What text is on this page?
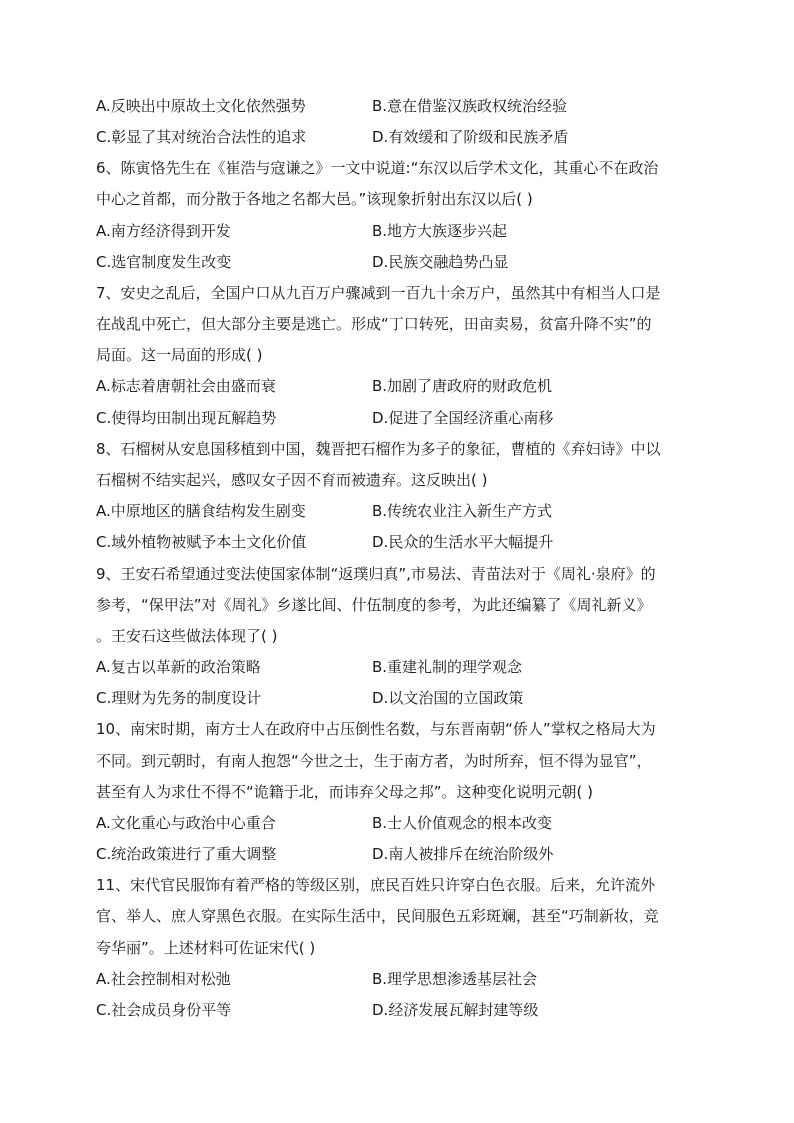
A.反映出中原故土文化依然强势	B.意在借鉴汉族政权统治经验
C.彰显了其对统治合法性的追求	D.有效缓和了阶级和民族矛盾
6、陈寅恪先生在《崔浩与寇谦之》一文中说道:“东汉以后学术文化，其重心不在政治
中心之首都，而分散于各地之名都大邑。”该现象折射出东汉以后( )
A.南方经济得到开发	B.地方大族逐步兴起
C.选官制度发生改变	D.民族交融趋势凸显
7、安史之乱后，全国户口从九百万户骤减到一百九十余万户，虽然其中有相当人口是
在战乱中死亡，但大部分主要是逃亡。形成“丁口转死，田亩卖易，贫富升降不实”的
局面。这一局面的形成( )
A.标志着唐朝社会由盛而衰	B.加剧了唐政府的财政危机
C.使得均田制出现瓦解趋势	D.促进了全国经济重心南移
8、石榴树从安息国移植到中国，魏晋把石榴作为多子的象征，曹植的《弃妇诗》中以
石榴树不结实起兴，感叹女子因不育而被遗弃。这反映出( )
A.中原地区的膳食结构发生剧变	B.传统农业注入新生产方式
C.域外植物被赋予本土文化价值	D.民众的生活水平大幅提升
9、王安石希望通过变法使国家体制“返璞归真”,市易法、青苗法对于《周礼·泉府》的
参考，“保甲法”对《周礼》乡遂比闾、什伍制度的参考，为此还编纂了《周礼新义》
。王安石这些做法体现了( )
A.复古以革新的政治策略	B.重建礼制的理学观念
C.理财为先务的制度设计	D.以文治国的立国政策
10、南宋时期，南方士人在政府中占压倒性名数，与东晋南朝“侨人”掌权之格局大为
不同。到元朝时，有南人抱怨“今世之士，生于南方者，为时所弃，恒不得为显官”，
甚至有人为求仕不得不“诡籍于北，而讳弃父母之邦”。这种变化说明元朝( )
A.文化重心与政治中心重合	B.士人价值观念的根本改变
C.统治政策进行了重大调整	D.南人被排斥在统治阶级外
11、宋代官民服饰有着严格的等级区别，庶民百姓只许穿白色衣服。后来，允许流外
官、举人、庶人穿黑色衣服。在实际生活中，民间服色五彩斑斓，甚至“巧制新妆，竞
夸华丽”。上述材料可佐证宋代( )
A.社会控制相对松弛	B.理学思想渗透基层社会
C.社会成员身份平等	D.经济发展瓦解封建等级
